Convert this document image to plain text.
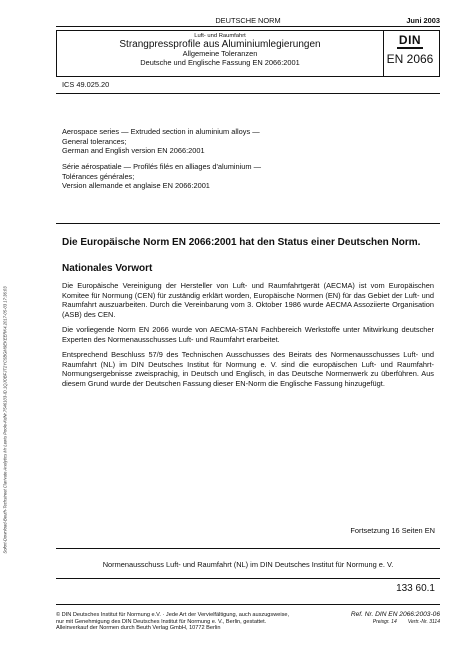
Sofort-Download-Beuth-Techstreet Clarivate Analytics Mr Lewis Poole-KdNr.7546103-ID.1QJOBFJT2YC5BGM9EKEERK4.2017-05-03 17:36:03
DEUTSCHE NORM	Juni 2003
Luft- und Raumfahrt
Strangpressprofile aus Aluminiumlegierungen
Allgemeine Toleranzen
Deutsche und Englische Fassung EN 2066:2001
DIN
EN 2066
ICS 49.025.20
Aerospace series — Extruded section in aluminium alloys —
General tolerances;
German and English version EN 2066:2001
Série aérospatiale — Profilés filés en alliages d'aluminium —
Tolérances générales;
Version allemande et anglaise EN 2066:2001
Die Europäische Norm EN 2066:2001 hat den Status einer Deutschen Norm.
Nationales Vorwort
Die Europäische Vereinigung der Hersteller von Luft- und Raumfahrtgerät (AECMA) ist vom Europäischen Komitee für Normung (CEN) für zuständig erklärt worden, Europäische Normen (EN) für das Gebiet der Luft- und Raumfahrt auszuarbeiten. Durch die Vereinbarung vom 3. Oktober 1986 wurde AECMA Assoziierte Organisation (ASB) des CEN.
Die vorliegende Norm EN 2066 wurde von AECMA-STAN Fachbereich Werkstoffe unter Mitwirkung deutscher Experten des Normenausschusses Luft- und Raumfahrt erarbeitet.
Entsprechend Beschluss 57/9 des Technischen Ausschusses des Beirats des Normenausschusses Luft- und Raumfahrt (NL) im DIN Deutsches Institut für Normung e. V. sind die europäischen Luft- und Raumfahrt-Normungsergebnisse zweisprachig, in Deutsch und Englisch, in das Deutsche Normenwerk zu überführen. Aus diesem Grund wurde der Deutschen Fassung dieser EN-Norm die Englische Fassung hinzugefügt.
Fortsetzung 16 Seiten EN
Normenausschuss Luft- und Raumfahrt (NL) im DIN Deutsches Institut für Normung e. V.
133 60.1
© DIN Deutsches Institut für Normung e.V. · Jede Art der Vervielfältigung, auch auszugsweise,
nur mit Genehmigung des DIN Deutsches Institut für Normung e. V., Berlin, gestattet.
Alleinverkauf der Normen durch Beuth Verlag GmbH, 10772 Berlin
Ref. Nr. DIN EN 2066:2003-06
Preisgr. 14 Vertr.-Nr. 3114
